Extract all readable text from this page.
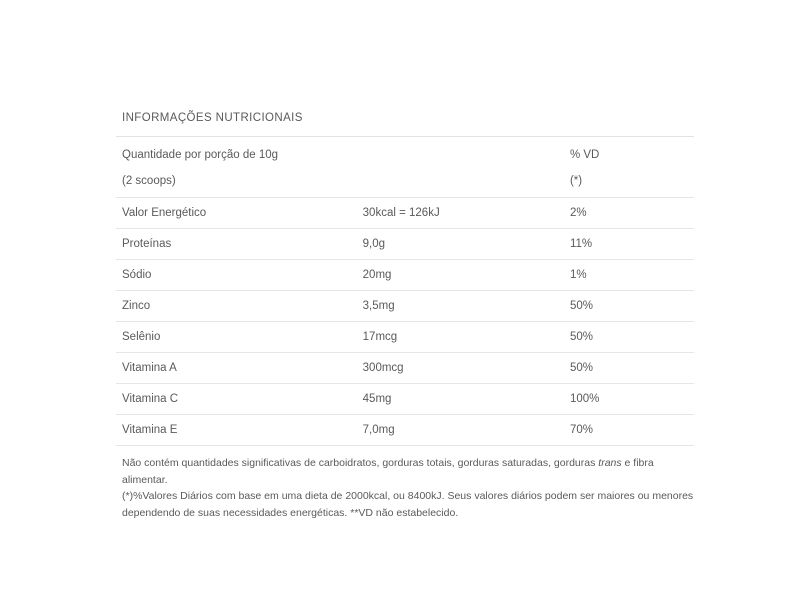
INFORMAÇÕES NUTRICIONAIS
Quantidade por porção de 10g		% VD
(2 scoops)		(*)
Valor Energético	30kcal = 126kJ	2%
Proteínas	9,0g	11%
Sódio	20mg	1%
Zinco	3,5mg	50%
Selênio	17mcg	50%
Vitamina A	300mcg	50%
Vitamina C	45mg	100%
Vitamina E	7,0mg	70%

Não contém quantidades significativas de carboidratos, gorduras totais, gorduras saturadas, gorduras trans e fibra alimentar.

(*)%Valores Diários com base em uma dieta de 2000kcal, ou 8400kJ. Seus valores diários podem ser maiores ou menores dependendo de suas necessidades energéticas. **VD não estabelecido.
